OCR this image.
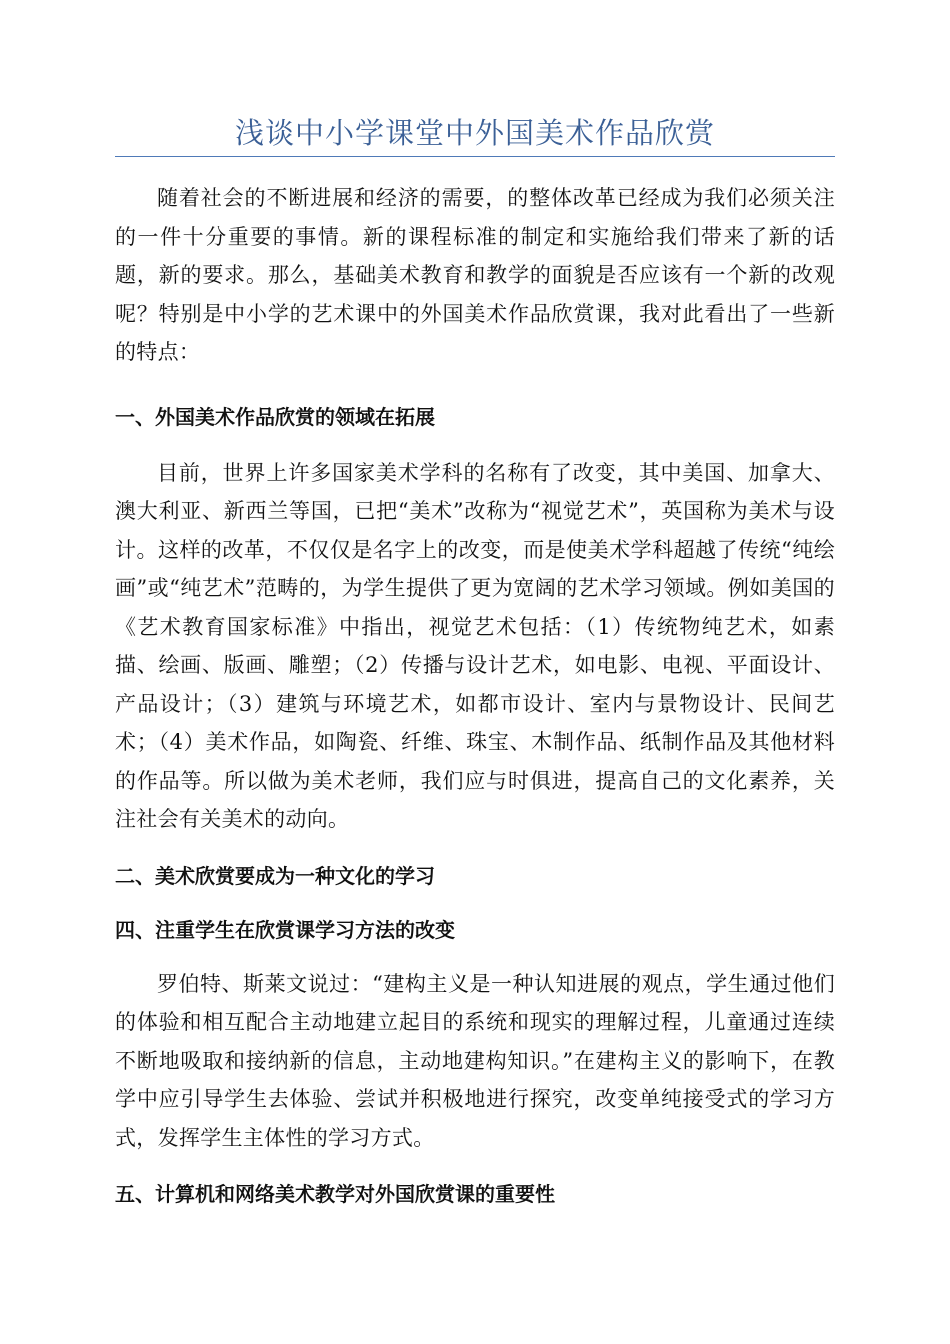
浅谈中小学课堂中外国美术作品欣赏

随着社会的不断进展和经济的需要，的整体改革已经成为我们必须关注的一件十分重要的事情。新的课程标准的制定和实施给我们带来了新的话题，新的要求。那么，基础美术教育和教学的面貌是否应该有一个新的改观呢？特别是中小学的艺术课中的外国美术作品欣赏课，我对此看出了一些新的特点：

一、外国美术作品欣赏的领域在拓展

目前，世界上许多国家美术学科的名称有了改变，其中美国、加拿大、澳大利亚、新西兰等国，已把“美术”改称为“视觉艺术”，英国称为美术与设计。这样的改革，不仅仅是名字上的改变，而是使美术学科超越了传统“纯绘画”或“纯艺术”范畴的，为学生提供了更为宽阔的艺术学习领域。例如美国的《艺术教育国家标准》中指出，视觉艺术包括：（1）传统物纯艺术，如素描、绘画、版画、雕塑；（2）传播与设计艺术，如电影、电视、平面设计、产品设计；（3）建筑与环境艺术，如都市设计、室内与景物设计、民间艺术；（4）美术作品，如陶瓷、纤维、珠宝、木制作品、纸制作品及其他材料的作品等。所以做为美术老师，我们应与时俱进，提高自己的文化素养，关注社会有关美术的动向。

二、美术欣赏要成为一种文化的学习
四、注重学生在欣赏课学习方法的改变

罗伯特、斯莱文说过：“建构主义是一种认知进展的观点，学生通过他们的体验和相互配合主动地建立起目的系统和现实的理解过程，儿童通过连续不断地吸取和接纳新的信息，主动地建构知识。”在建构主义的影响下，在教学中应引导学生去体验、尝试并积极地进行探究，改变单纯接受式的学习方式，发挥学生主体性的学习方式。

五、计算机和网络美术教学对外国欣赏课的重要性
